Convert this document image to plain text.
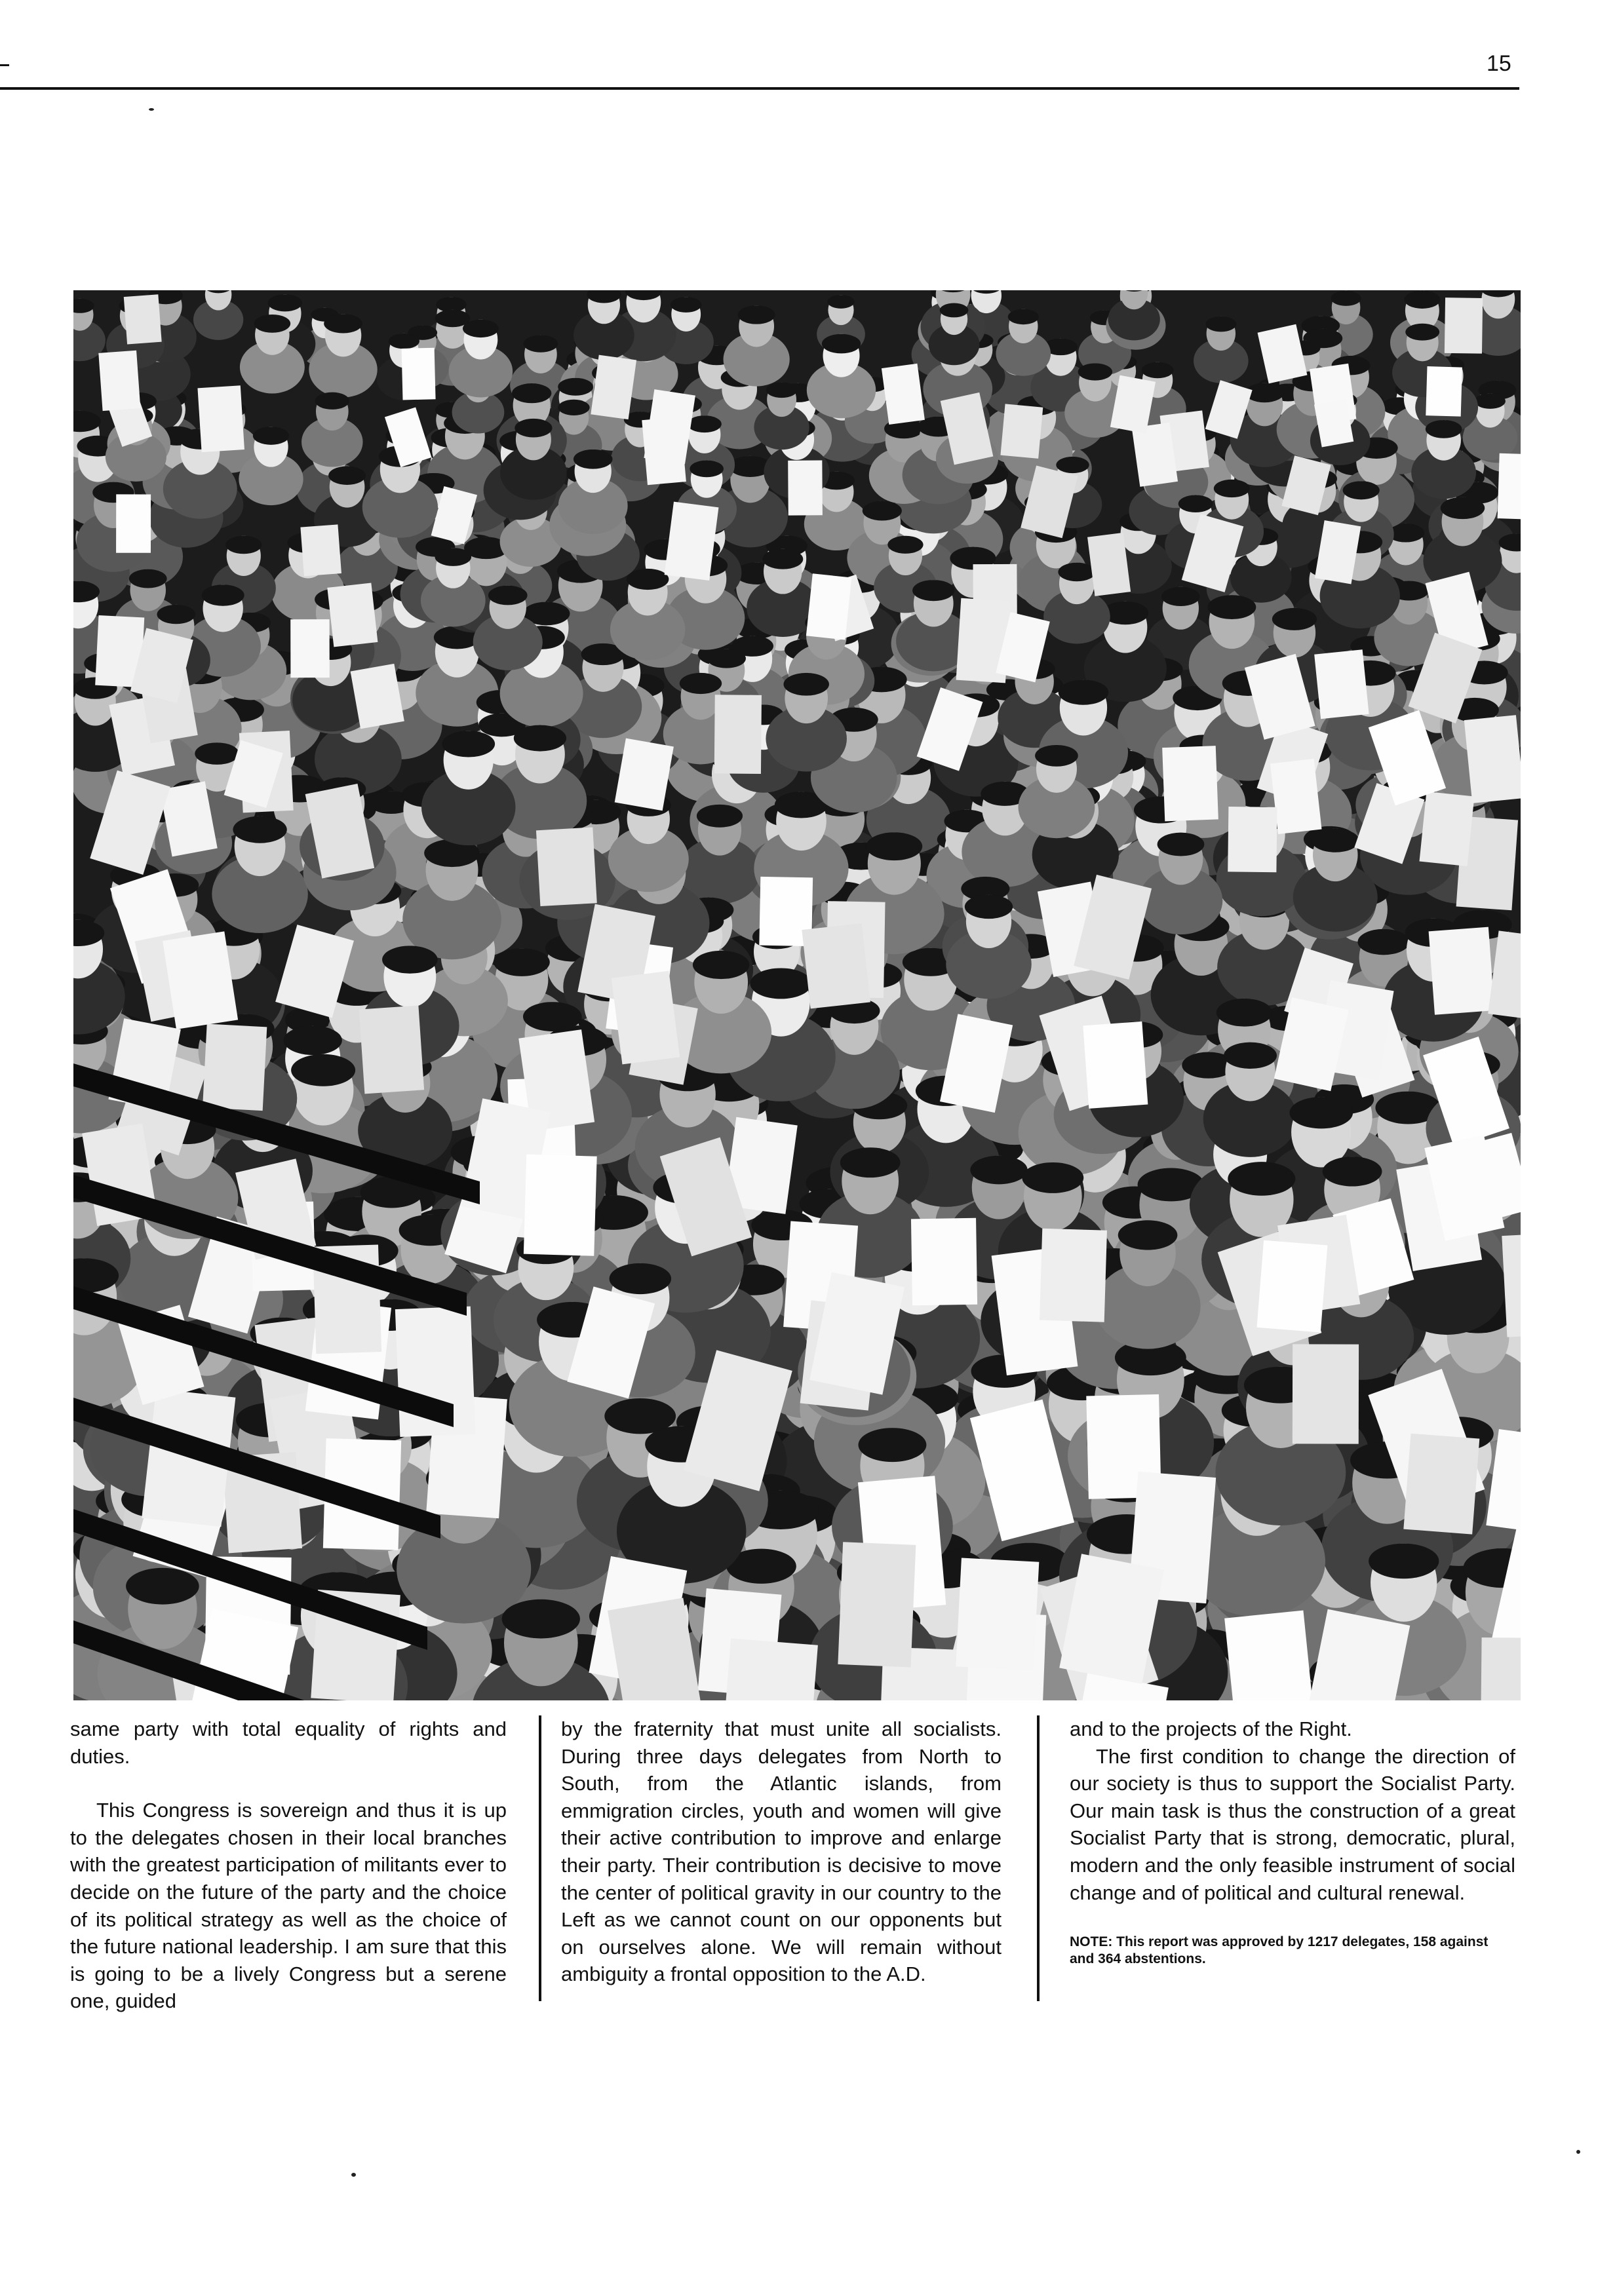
15

same party with total equality of rights and duties.

This Congress is sovereign and thus it is up to the delegates chosen in their local branches with the greatest participation of militants ever to decide on the future of the party and the choice of its political strategy as well as the choice of the future national leadership. I am sure that this is going to be a lively Congress but a serene one, guided

by the fraternity that must unite all socialists. During three days delegates from North to South, from the Atlantic islands, from emmigration circles, youth and women will give their active contribution to improve and enlarge their party. Their contribution is decisive to move the center of political gravity in our country to the Left as we cannot count on our opponents but on ourselves alone. We will remain without ambiguity a frontal opposition to the A.D.

and to the projects of the Right.

The first condition to change the direction of our society is thus to support the Socialist Party. Our main task is thus the construction of a great Socialist Party that is strong, democratic, plural, modern and the only feasible instrument of social change and of political and cultural renewal.

NOTE: This report was approved by 1217 delegates, 158 against and 364 abstentions.
